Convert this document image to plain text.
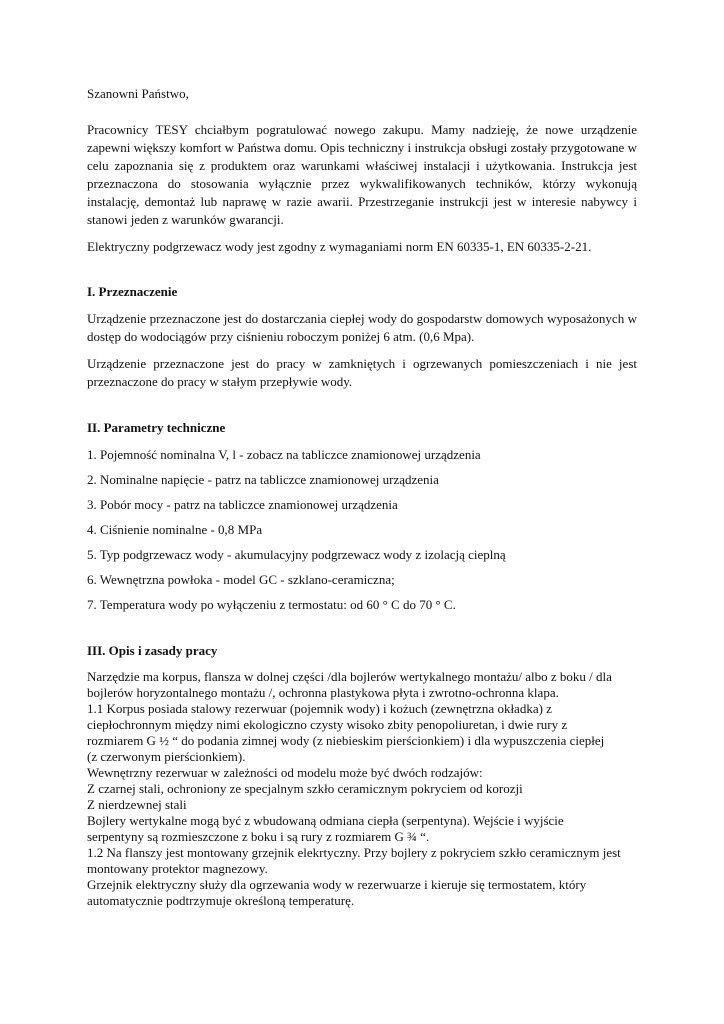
Szanowni Państwo,

Pracownicy TESY chciałbym pogratulować nowego zakupu. Mamy nadzieję, że nowe urządzenie zapewni większy komfort w Państwa domu. Opis techniczny i instrukcja obsługi zostały przygotowane w celu zapoznania się z produktem oraz warunkami właściwej instalacji i użytkowania. Instrukcja jest przeznaczona do stosowania wyłącznie przez wykwalifikowanych techników, którzy wykonują instalację, demontaż lub naprawę w razie awarii. Przestrzeganie instrukcji jest w interesie nabywcy i stanowi jeden z warunków gwarancji.

Elektryczny podgrzewacz wody jest zgodny z wymaganiami norm EN 60335-1, EN 60335-2-21.

I. Przeznaczenie

Urządzenie przeznaczone jest do dostarczania ciepłej wody do gospodarstw domowych wyposażonych w dostęp do wodociągów przy ciśnieniu roboczym poniżej 6 atm. (0,6 Mpa).

Urządzenie przeznaczone jest do pracy w zamkniętych i ogrzewanych pomieszczeniach i nie jest przeznaczone do pracy w stałym przepływie wody.

II. Parametry techniczne

1. Pojemność nominalna V, l - zobacz na tabliczce znamionowej urządzenia

2. Nominalne napięcie - patrz na tabliczce znamionowej urządzenia

3. Pobór mocy - patrz na tabliczce znamionowej urządzenia

4. Ciśnienie nominalne - 0,8 MPa

5. Typ podgrzewacz wody - akumulacyjny podgrzewacz wody z izolacją cieplną

6. Wewnętrzna powłoka - model GC - szklano-ceramiczna;

7. Temperatura wody po wyłączeniu z termostatu: od 60 ° C do 70 ° C.

III. Opis i zasady pracy

Narzędzie ma korpus, flansza w dolnej części /dla bojlerów wertykalnego montażu/ albo z boku / dla

bojlerów horyzontalnego montażu /, ochronna plastykowa płyta i zwrotno-ochronna klapa.

1.1 Korpus posiada stalowy rezerwuar (pojemnik wody) i kożuch (zewnętrzna okładka) z

ciepłochronnym między nimi ekologiczno czysty wisoko zbity penopoliuretan, i dwie rury z

rozmiarem G ½ “ do podania zimnej wody (z niebieskim pierścionkiem) i dla wypuszczenia ciepłej

(z czerwonym pierścionkiem).

Wewnętrzny rezerwuar w zależności od modelu może być dwóch rodzajów:

Z czarnej stali, ochroniony ze specjalnym szkło ceramicznym pokryciem od korozji

Z nierdzewnej stali

Bojlery wertykalne mogą być z wbudowaną odmiana ciepła (serpentyna). Wejście i wyjście

serpentyny są rozmieszczone z boku i są rury z rozmiarem G ¾ “.

1.2 Na flanszy jest montowany grzejnik elekrtyczny. Przy bojlery z pokryciem szkło ceramicznym jest

montowany protektor magnezowy.

Grzejnik elektryczny służy dla ogrzewania wody w rezerwuarze i kieruje się termostatem, który

automatycznie podtrzymuje określoną temperaturę.
